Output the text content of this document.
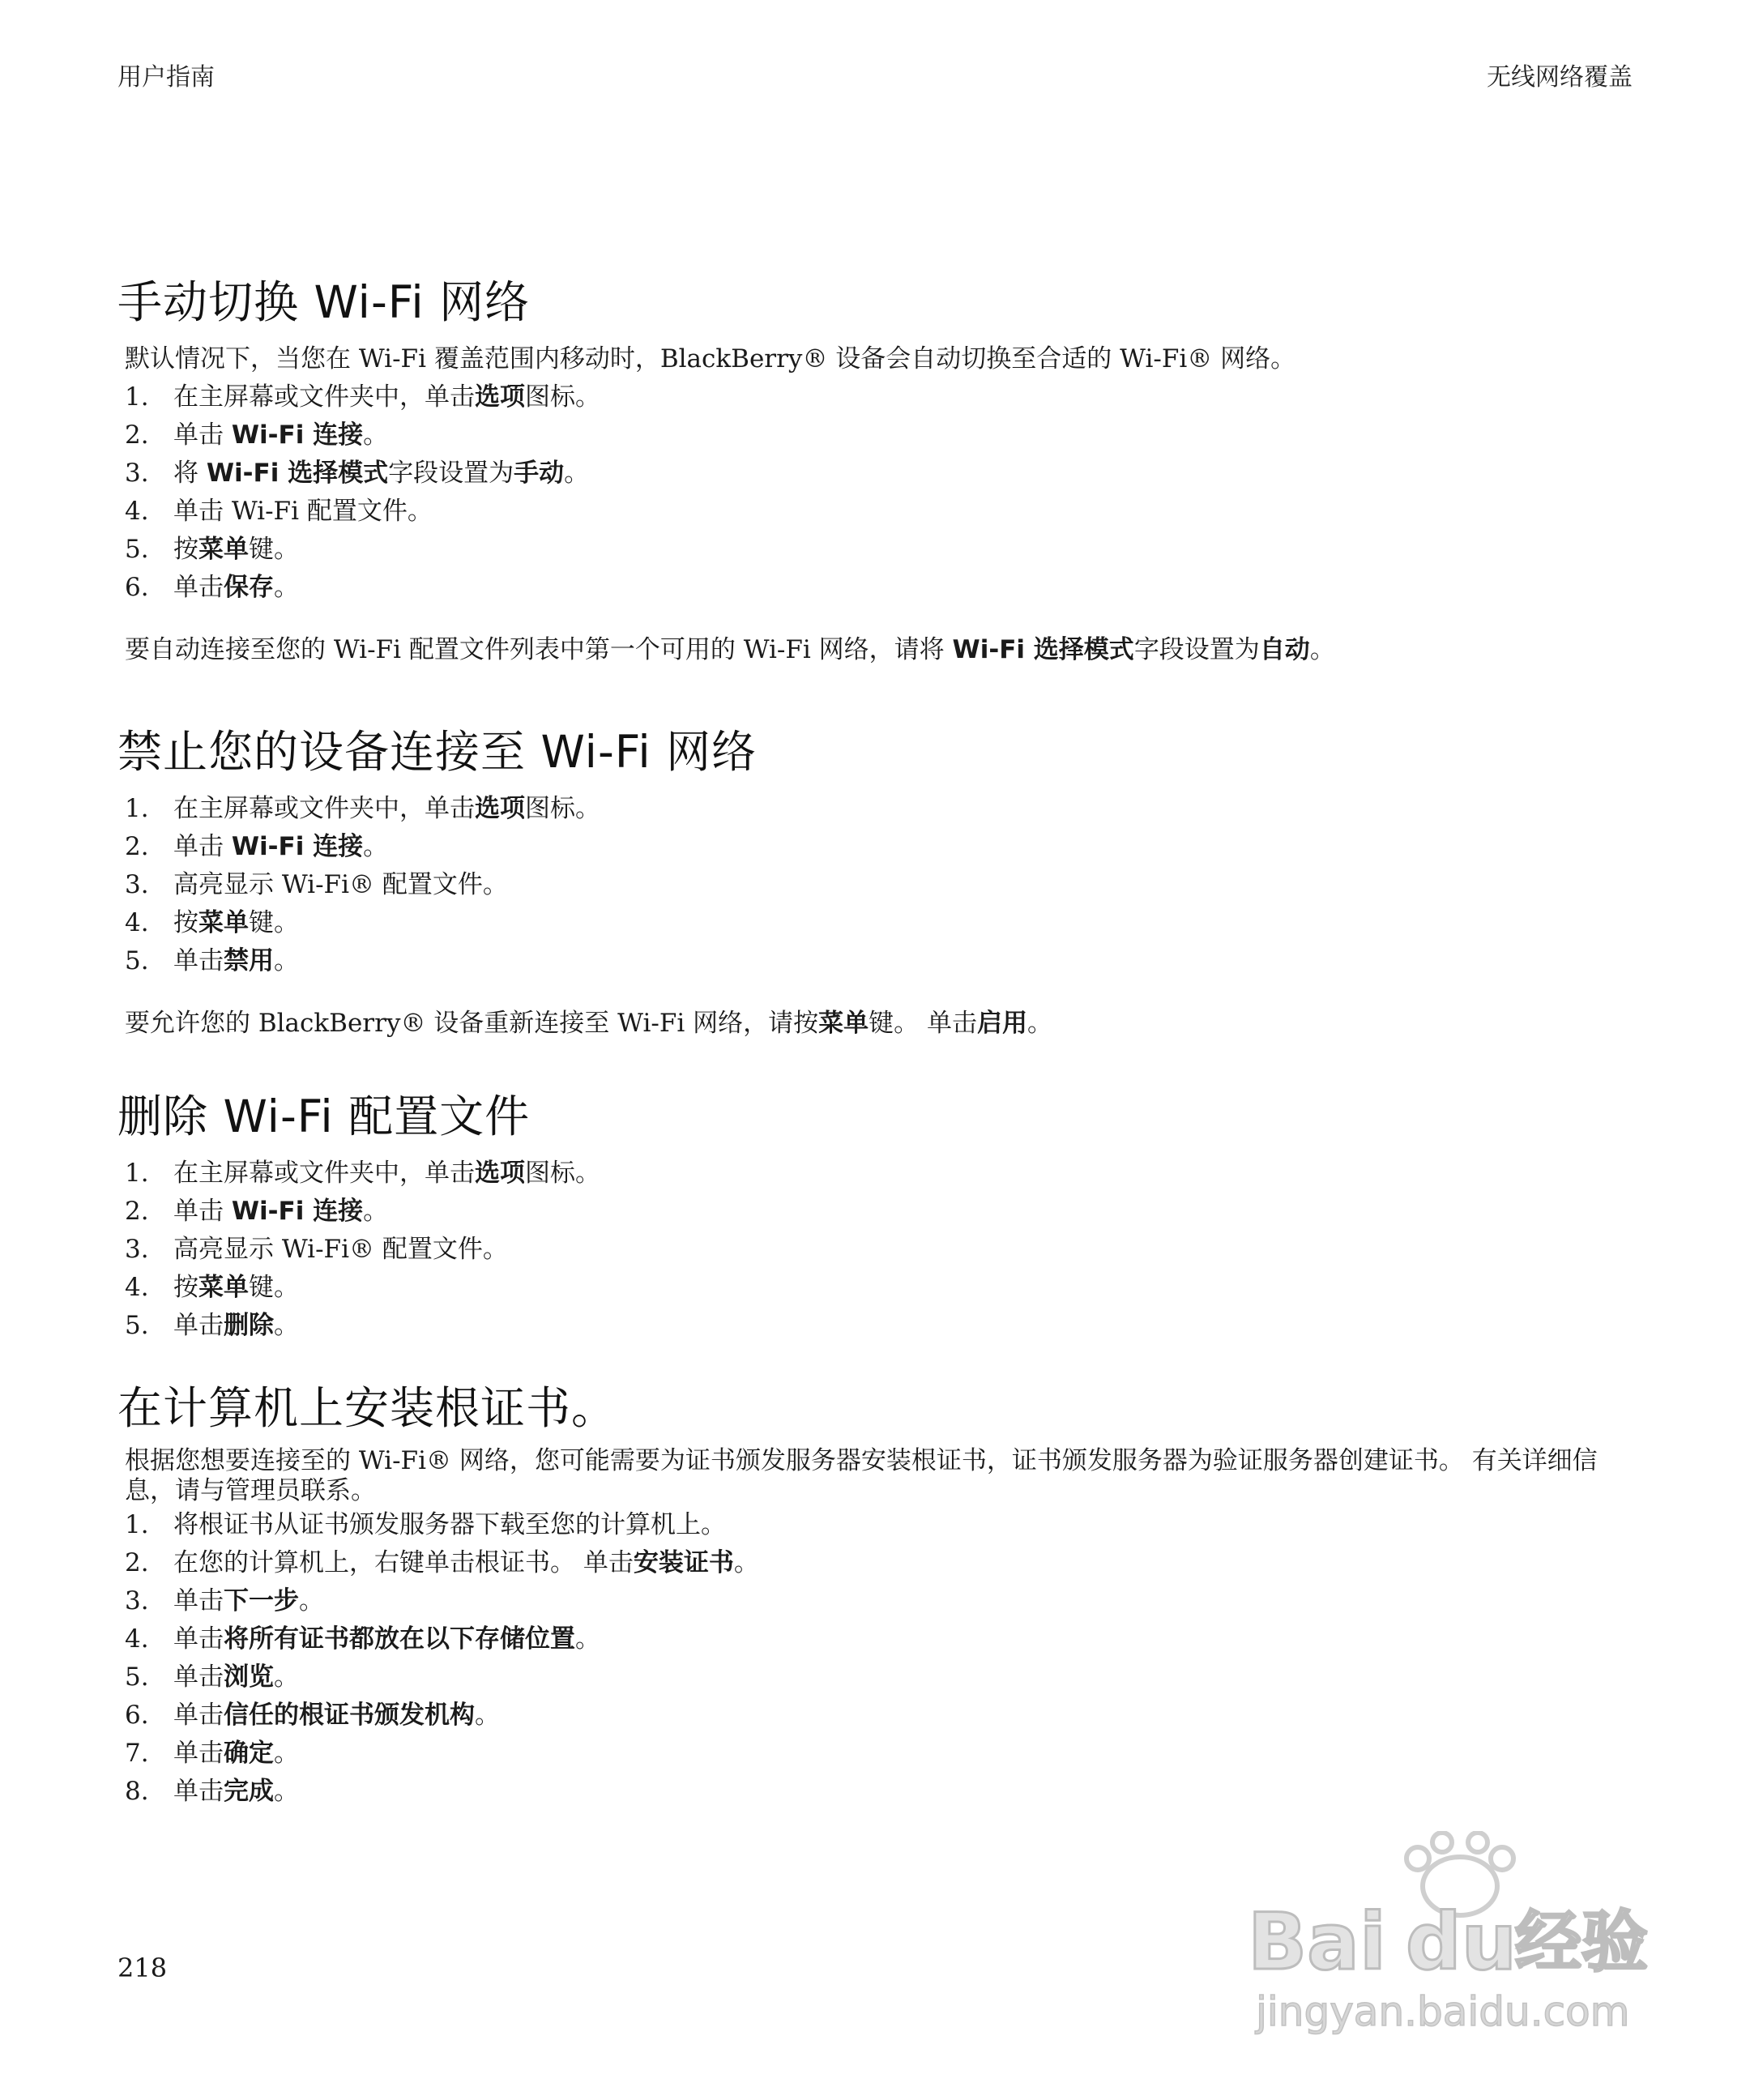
用户指南	无线网络覆盖
手动切换 Wi-Fi 网络

默认情况下，当您在 Wi-Fi 覆盖范围内移动时，BlackBerry® 设备会自动切换至合适的 Wi-Fi® 网络。

1. 在主屏幕或文件夹中，单击选项图标。
2. 单击 Wi-Fi 连接。
3. 将 Wi-Fi 选择模式字段设置为手动。
4. 单击 Wi-Fi 配置文件。
5. 按菜单键。
6. 单击保存。

要自动连接至您的 Wi-Fi 配置文件列表中第一个可用的 Wi-Fi 网络，请将 Wi-Fi 选择模式字段设置为自动。

禁止您的设备连接至 Wi-Fi 网络
1. 在主屏幕或文件夹中，单击选项图标。
2. 单击 Wi-Fi 连接。
3. 高亮显示 Wi-Fi® 配置文件。
4. 按菜单键。
5. 单击禁用。

要允许您的 BlackBerry® 设备重新连接至 Wi-Fi 网络，请按菜单键。 单击启用。

删除 Wi-Fi 配置文件
1. 在主屏幕或文件夹中，单击选项图标。
2. 单击 Wi-Fi 连接。
3. 高亮显示 Wi-Fi® 配置文件。
4. 按菜单键。
5. 单击删除。
在计算机上安装根证书。

根据您想要连接至的 Wi-Fi® 网络，您可能需要为证书颁发服务器安装根证书，证书颁发服务器为验证服务器创建证书。 有关详细信息，请与管理员联系。

1. 将根证书从证书颁发服务器下载至您的计算机上。
2. 在您的计算机上，右键单击根证书。 单击安装证书。
3. 单击下一步。
4. 单击将所有证书都放在以下存储位置。
5. 单击浏览。
6. 单击信任的根证书颁发机构。
7. 单击确定。
8. 单击完成。
218	Bai du
经验
jingyan.baidu.com
